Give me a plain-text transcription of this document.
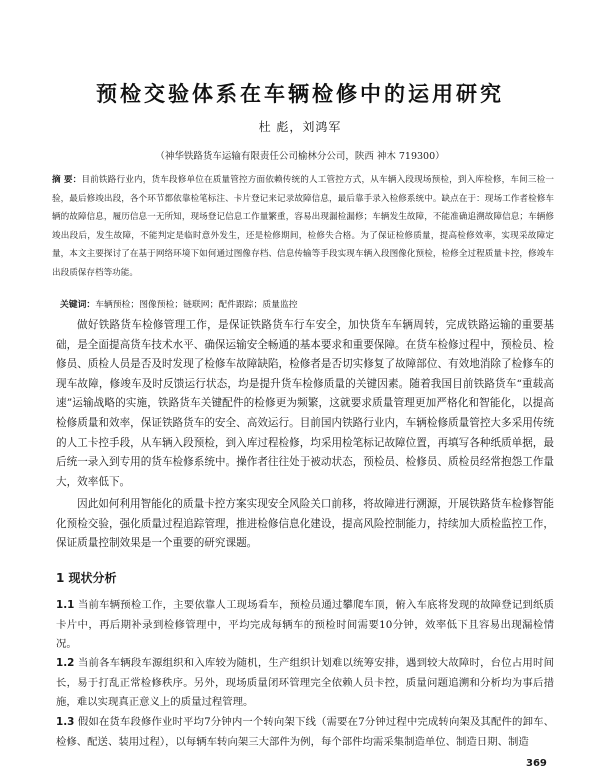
预检交验体系在车辆检修中的运用研究
杜 彪，刘鸿军
（神华铁路货车运输有限责任公司榆林分公司，陕西 神木 719300）
摘 要：目前铁路行业内，货车段修单位在质量管控方面依赖传统的人工管控方式，从车辆入段现场预检，到入库检修，车间三检一验，最后修竣出段，各个环节都依靠检笔标注、卡片登记来记录故障信息，最后靠手录入检修系统中。缺点在于：现场工作者检修车辆的故障信息，履历信息一无所知，现场登记信息工作量繁重，容易出现漏检漏修；车辆发生故障，不能准确追溯故障信息；车辆修竣出段后，发生故障，不能判定是临时意外发生，还是检修期间，检修失合格。为了保证检修质量，提高检修效率，实现采故障定量，本文主要探讨了在基于网络环境下如何通过图像存档、信息传输等手段实现车辆入段图像化预检，检修全过程质量卡控，修竣车出段质保存档等功能。
关键词：车辆预检；图像预检；链联网；配件跟踪；质量监控
做好铁路货车检修管理工作，是保证铁路货车行车安全，加快货车车辆周转，完成铁路运输的重要基础，是全面提高货车技术水平、确保运输安全畅通的基本要求和重要保障。在货车检修过程中，预检员、检修员、质检人员是否及时发现了检修车故障缺陷，检修者是否切实修复了故障部位、有效地消除了检修车的现车故障，修竣车及时反馈运行状态，均是提升货车检修质量的关键因素。随着我国目前铁路货车“重载高速”运输战略的实施，铁路货车关键配件的检修更为频繁，这就要求质量管理更加严格化和智能化，以提高检修质量和效率，保证铁路货车的安全、高效运行。目前国内铁路行业内，车辆检修质量管控大多采用传统的人工卡控手段，从车辆入段预检，到入库过程检修，均采用检笔标记故障位置，再填写各种纸质单据，最后统一录入到专用的货车检修系统中。操作者往往处于被动状态，预检员、检修员、质检员经常抱怨工作量大，效率低下。
因此如何利用智能化的质量卡控方案实现安全风险关口前移，将故障进行溯源，开展铁路货车检修智能化预检交验，强化质量过程追踪管理，推进检修信息化建设，提高风险控制能力，持续加大质检监控工作，保证质量控制效果是一个重要的研究课题。
1 现状分析
1.1 当前车辆预检工作，主要依靠人工现场看车，预检员通过攀爬车顶，俯入车底将发现的故障登记到纸质卡片中，再后期补录到检修管理中，平均完成每辆车的预检时间需要10分钟，效率低下且容易出现漏检情况。
1.2 当前各车辆段车源组织和入库较为随机，生产组织计划难以统筹安排，遇到较大故障时，台位占用时间长，易于打乱正常检修秩序。另外，现场质量闭环管理完全依赖人员卡控，质量问题追溯和分析均为事后措施，难以实现真正意义上的质量过程管理。
1.3 假如在货车段修作业时平均7分钟内一个转向架下线（需要在7分钟过程中完成转向架及其配件的卸车、检修、配送、装用过程），以每辆车转向架三大部件为例，每个部件均需采集制造单位、制造日期、制造
369
